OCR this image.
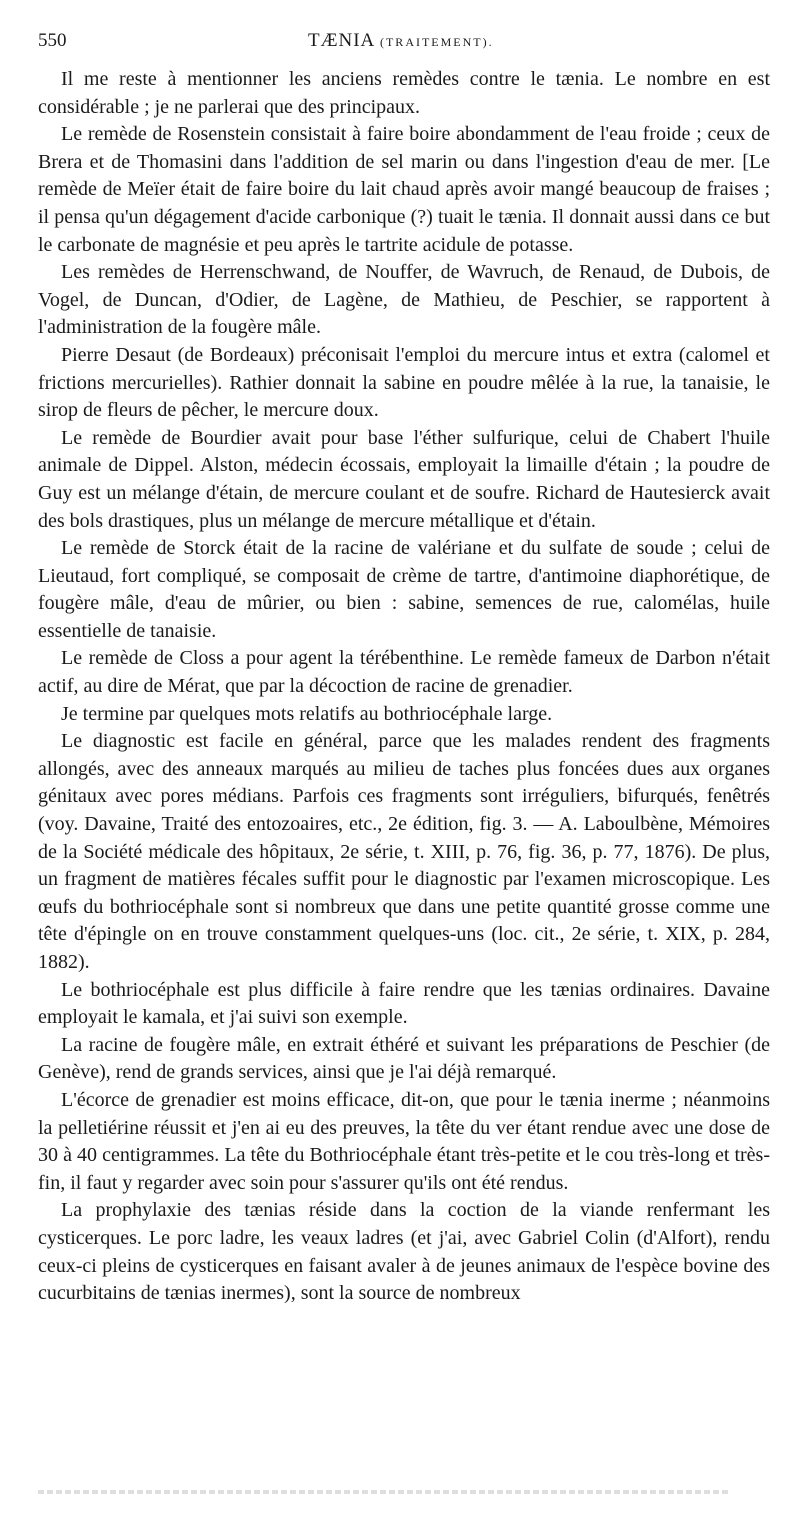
550	TÆNIA (TRAITEMENT).

Il me reste à mentionner les anciens remèdes contre le tænia. Le nombre en est considérable ; je ne parlerai que des principaux.

Le remède de Rosenstein consistait à faire boire abondamment de l'eau froide ; ceux de Brera et de Thomasini dans l'addition de sel marin ou dans l'ingestion d'eau de mer. [Le remède de Meïer était de faire boire du lait chaud après avoir mangé beaucoup de fraises ; il pensa qu'un dégagement d'acide carbonique (?) tuait le tænia. Il donnait aussi dans ce but le carbonate de magnésie et peu après le tartrite acidule de potasse.

Les remèdes de Herrenschwand, de Nouffer, de Wavruch, de Renaud, de Dubois, de Vogel, de Duncan, d'Odier, de Lagène, de Mathieu, de Peschier, se rapportent à l'administration de la fougère mâle.

Pierre Desaut (de Bordeaux) préconisait l'emploi du mercure intus et extra (calomel et frictions mercurielles). Rathier donnait la sabine en poudre mêlée à la rue, la tanaisie, le sirop de fleurs de pêcher, le mercure doux.

Le remède de Bourdier avait pour base l'éther sulfurique, celui de Chabert l'huile animale de Dippel. Alston, médecin écossais, employait la limaille d'étain ; la poudre de Guy est un mélange d'étain, de mercure coulant et de soufre. Richard de Hautesierck avait des bols drastiques, plus un mélange de mercure métallique et d'étain.

Le remède de Storck était de la racine de valériane et du sulfate de soude ; celui de Lieutaud, fort compliqué, se composait de crème de tartre, d'antimoine diaphorétique, de fougère mâle, d'eau de mûrier, ou bien : sabine, semences de rue, calomélas, huile essentielle de tanaisie.

Le remède de Closs a pour agent la térébenthine. Le remède fameux de Darbon n'était actif, au dire de Mérat, que par la décoction de racine de grenadier.

Je termine par quelques mots relatifs au bothriocéphale large.

Le diagnostic est facile en général, parce que les malades rendent des fragments allongés, avec des anneaux marqués au milieu de taches plus foncées dues aux organes génitaux avec pores médians. Parfois ces fragments sont irréguliers, bifurqués, fenêtrés (voy. Davaine, Traité des entozoaires, etc., 2e édition, fig. 3. — A. Laboulbène, Mémoires de la Société médicale des hôpitaux, 2e série, t. XIII, p. 76, fig. 36, p. 77, 1876). De plus, un fragment de matières fécales suffit pour le diagnostic par l'examen microscopique. Les œufs du bothriocéphale sont si nombreux que dans une petite quantité grosse comme une tête d'épingle on en trouve constamment quelques-uns (loc. cit., 2e série, t. XIX, p. 284, 1882).

Le bothriocéphale est plus difficile à faire rendre que les tænias ordinaires. Davaine employait le kamala, et j'ai suivi son exemple.

La racine de fougère mâle, en extrait éthéré et suivant les préparations de Peschier (de Genève), rend de grands services, ainsi que je l'ai déjà remarqué.

L'écorce de grenadier est moins efficace, dit-on, que pour le tænia inerme ; néanmoins la pelletiérine réussit et j'en ai eu des preuves, la tête du ver étant rendue avec une dose de 30 à 40 centigrammes. La tête du Bothriocéphale étant très-petite et le cou très-long et très-fin, il faut y regarder avec soin pour s'assurer qu'ils ont été rendus.

La prophylaxie des tænias réside dans la coction de la viande renfermant les cysticerques. Le porc ladre, les veaux ladres (et j'ai, avec Gabriel Colin (d'Alfort), rendu ceux-ci pleins de cysticerques en faisant avaler à de jeunes animaux de l'espèce bovine des cucurbitains de tænias inermes), sont la source de nombreux
